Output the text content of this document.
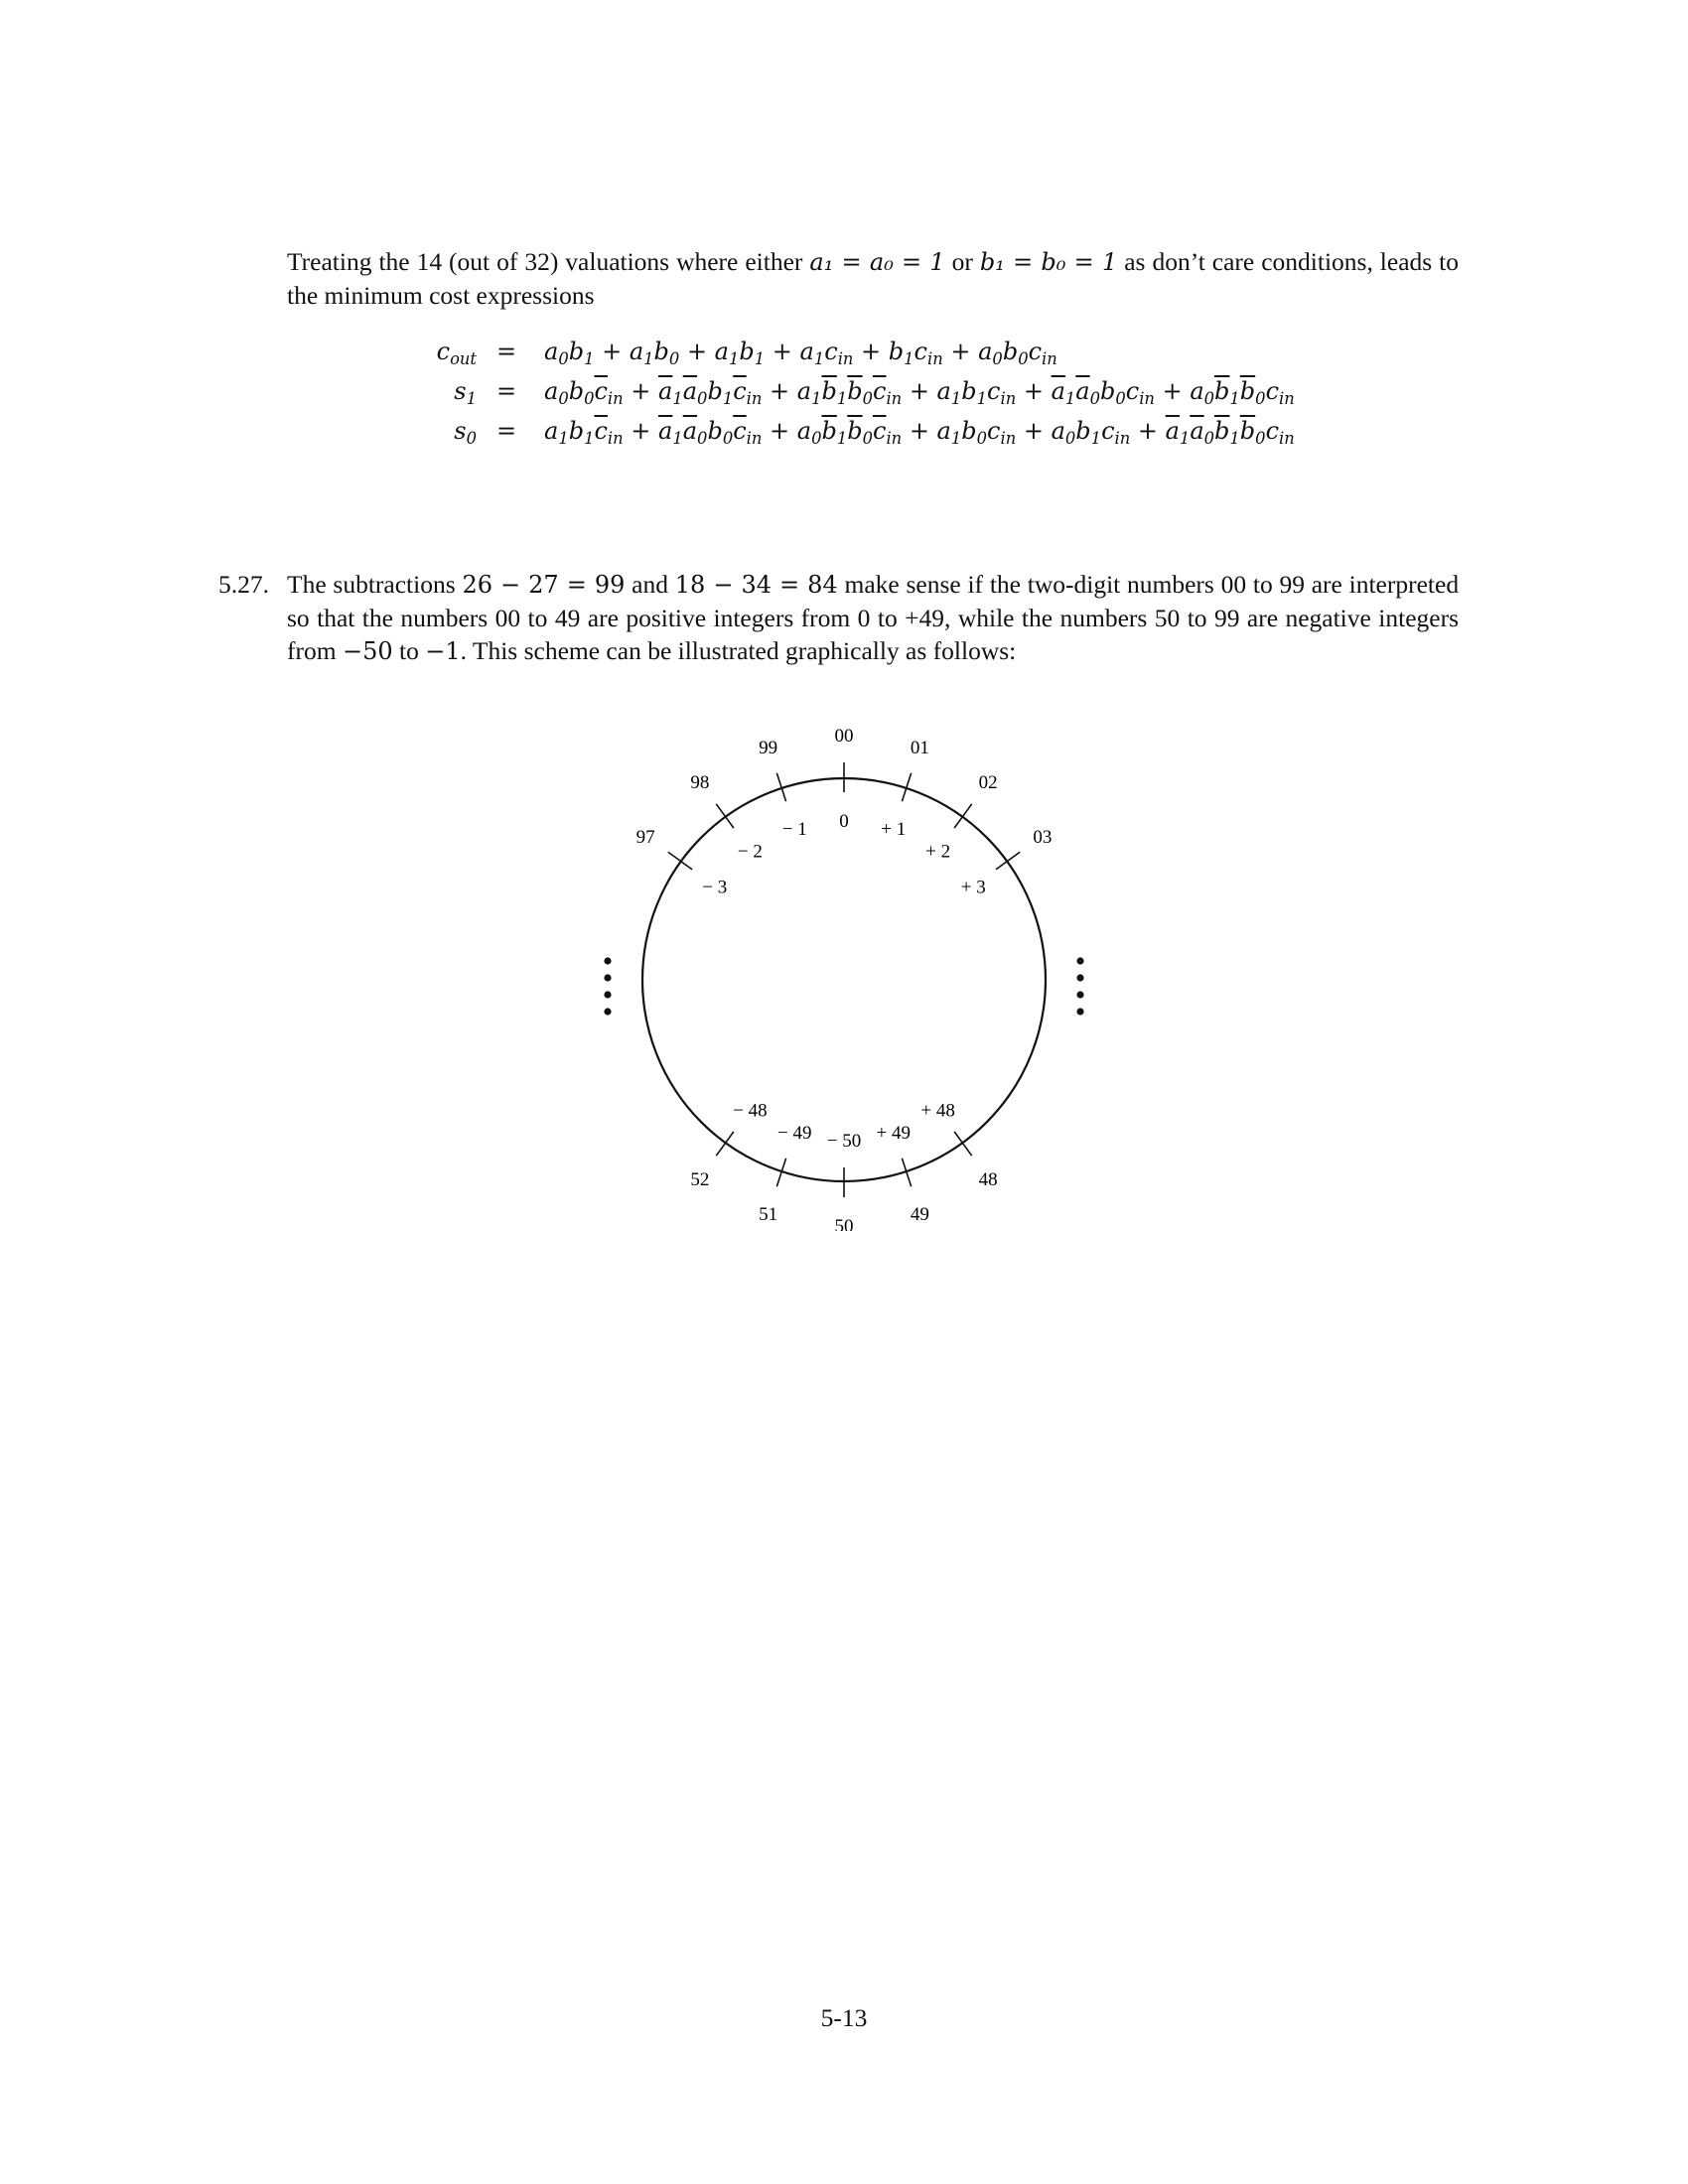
Treating the 14 (out of 32) valuations where either a₁ = a₀ = 1 or b₁ = b₀ = 1 as don’t care conditions, leads to the minimum cost expressions
$c_{out} = a_0b_1 + a_1b_0 + a_1b_1 + a_1c_{in} + b_1c_{in} + a_0b_0c_{in}$
$s_1 = a_0b_0\overline{c}_{in} + \overline{a}_1\overline{a}_0b_1\overline{c}_{in} + a_1\overline{b}_1\overline{b}_0\overline{c}_{in} + a_1b_1c_{in} + \overline{a}_1\overline{a}_0b_0c_{in} + a_0\overline{b}_1\overline{b}_0c_{in}$
$s_0 = a_1b_1\overline{c}_{in} + \overline{a}_1\overline{a}_0b_0\overline{c}_{in} + a_0\overline{b}_1\overline{b}_0\overline{c}_{in} + a_1b_0c_{in} + a_0b_1c_{in} + \overline{a}_1\overline{a}_0\overline{b}_1\overline{b}_0c_{in}$
5.27. The subtractions 26 − 27 = 99 and 18 − 34 = 84 make sense if the two-digit numbers 00 to 99 are interpreted so that the numbers 00 to 49 are positive integers from 0 to +49, while the numbers 50 to 99 are negative integers from −50 to −1. This scheme can be illustrated graphically as follows:
00
0
01
+ 1
02
+ 2
03
+ 3
48
+ 48
49
+ 49
50
− 50
51
− 49
52
− 48
97
− 3
98
− 2
99
− 1
5-13
